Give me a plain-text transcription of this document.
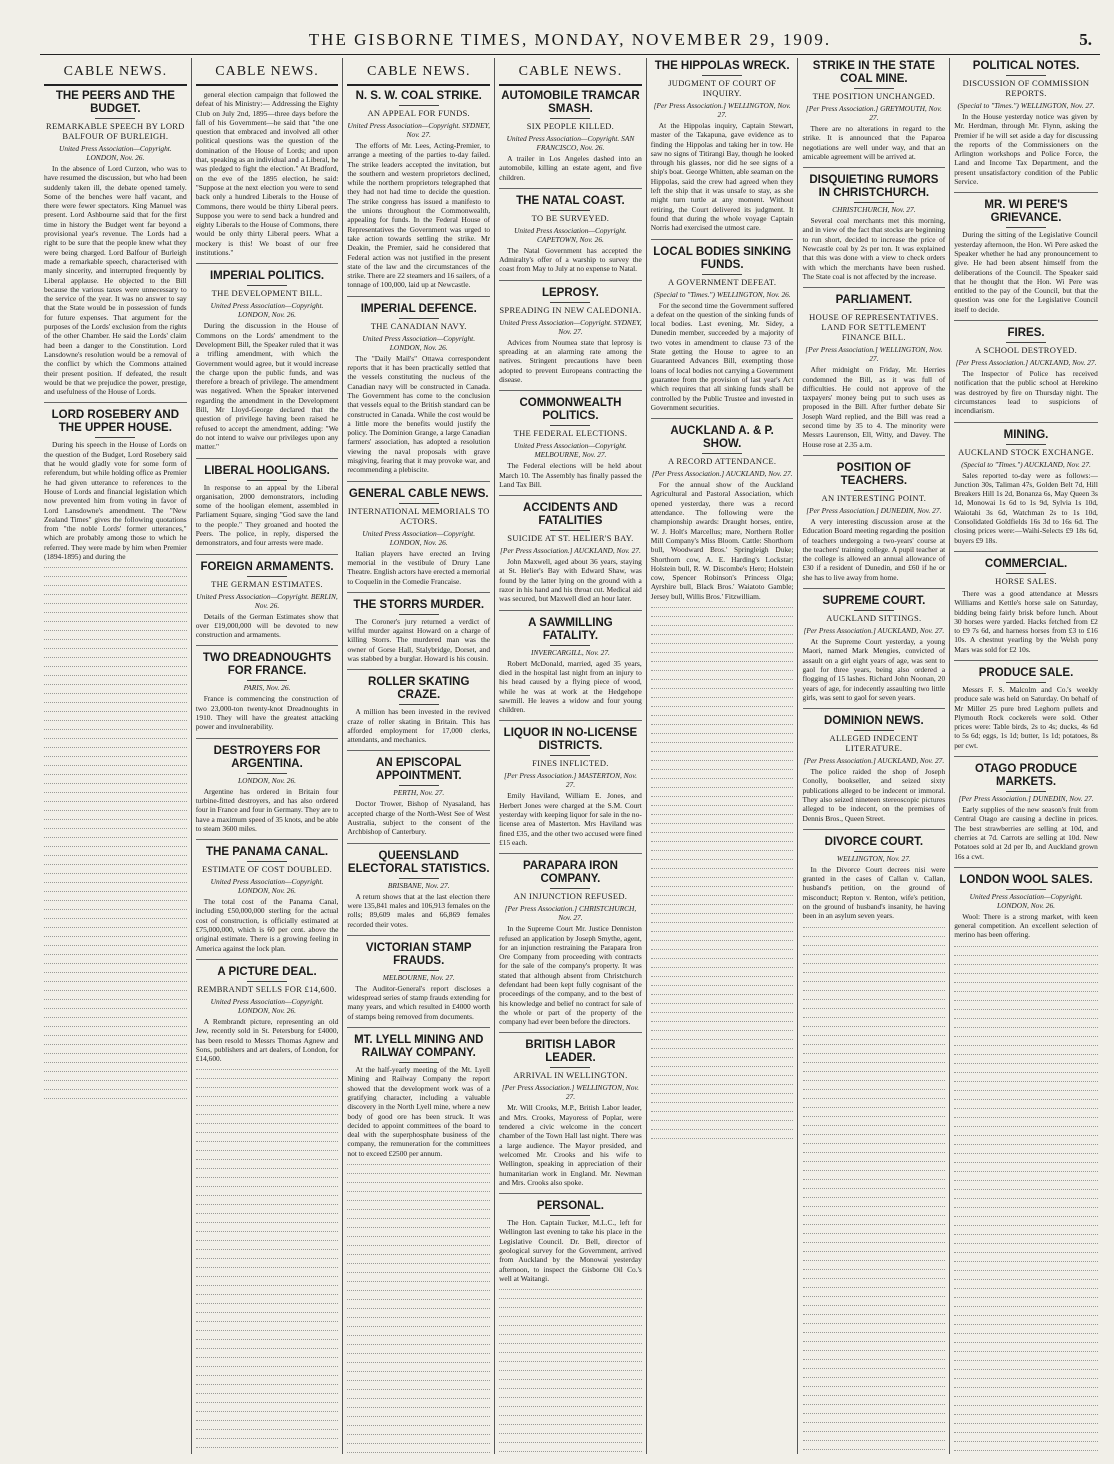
THE GISBORNE TIMES, MONDAY, NOVEMBER 29, 1909.	5.
CABLE NEWS.
THE PEERS AND THE BUDGET.
REMARKABLE SPEECH BY LORD BALFOUR OF BURLEIGH.
United Press Association—Copyright. LONDON, Nov. 26.

In the absence of Lord Curzon, who was to have resumed the discussion, but who had been suddenly taken ill, the debate opened tamely. Some of the benches were half vacant, and there were fewer spectators. King Manuel was present. Lord Ashbourne said that for the first time in history the Budget went far beyond a provisional year's revenue. The Lords had a right to be sure that the people knew what they were being charged. Lord Balfour of Burleigh made a remarkable speech, characterised with manly sincerity, and interrupted frequently by Liberal applause. He objected to the Bill because the various taxes were unnecessary to the service of the year. It was no answer to say that the State would be in possession of funds for future expenses. That argument for the purposes of the Lords' exclusion from the rights of the other Chamber. He said the Lords' claim had been a danger to the Constitution. Lord Lansdowne's resolution would be a removal of the conflict by which the Commons attained their present position. If defeated, the result would be that we prejudice the power, prestige, and usefulness of the House of Lords.

LORD ROSEBERY AND THE UPPER HOUSE.

During his speech in the House of Lords on the question of the Budget, Lord Rosebery said that he would gladly vote for some form of referendum, but while holding office as Premier he had given utterance to references to the House of Lords and financial legislation which now prevented him from voting in favor of Lord Lansdowne's amendment. The "New Zealand Times" gives the following quotations from "the noble Lords' former utterances," which are probably among those to which he referred. They were made by him when Premier (1894-1895) and during the

CABLE NEWS.

general election campaign that followed the defeat of his Ministry:— Addressing the Eighty Club on July 2nd, 1895—three days before the fall of his Government—he said that "the one question that embraced and involved all other political questions was the question of the domination of the House of Lords; and upon that, speaking as an individual and a Liberal, he was pledged to fight the election." At Bradford, on the eve of the 1895 election, he said: "Suppose at the next election you were to send back only a hundred Liberals to the House of Commons, there would be thirty Liberal peers. Suppose you were to send back a hundred and eighty Liberals to the House of Commons, there would be only thirty Liberal peers. What a mockery is this! We boast of our free institutions."

IMPERIAL POLITICS.
THE DEVELOPMENT BILL.
United Press Association—Copyright. LONDON, Nov. 26.

During the discussion in the House of Commons on the Lords' amendment to the Development Bill, the Speaker ruled that it was a trifling amendment, with which the Government would agree, but it would increase the charge upon the public funds, and was therefore a breach of privilege. The amendment was negatived. When the Speaker intervened regarding the amendment in the Development Bill, Mr Lloyd-George declared that the question of privilege having been raised he refused to accept the amendment, adding: "We do not intend to waive our privileges upon any matter."

LIBERAL HOOLIGANS.

In response to an appeal by the Liberal organisation, 2000 demonstrators, including some of the hooligan element, assembled in Parliament Square, singing "God save the land to the people." They groaned and hooted the Peers. The police, in reply, dispersed the demonstrators, and four arrests were made.

FOREIGN ARMAMENTS.
THE GERMAN ESTIMATES.
United Press Association—Copyright. BERLIN, Nov. 26.

Details of the German Estimates show that over £19,000,000 will be devoted to new construction and armaments.

TWO DREADNOUGHTS FOR FRANCE.
PARIS, Nov. 26.

France is commencing the construction of two 23,000-ton twenty-knot Dreadnoughts in 1910. They will have the greatest attacking power and invulnerability.

DESTROYERS FOR ARGENTINA.
LONDON, Nov. 26.

Argentine has ordered in Britain four turbine-fitted destroyers, and has also ordered four in France and four in Germany. They are to have a maximum speed of 35 knots, and be able to steam 3600 miles.

THE PANAMA CANAL.
ESTIMATE OF COST DOUBLED.
United Press Association—Copyright. LONDON, Nov. 26.

The total cost of the Panama Canal, including £50,000,000 sterling for the actual cost of construction, is officially estimated at £75,000,000, which is 60 per cent. above the original estimate. There is a growing feeling in America against the lock plan.

A PICTURE DEAL.
REMBRANDT SELLS FOR £14,600.
United Press Association—Copyright. LONDON, Nov. 26.

A Rembrandt picture, representing an old Jew, recently sold in St. Petersburg for £4000, has been resold to Messrs Thomas Agnew and Sons, publishers and art dealers, of London, for £14,600.

CABLE NEWS.
N. S. W. COAL STRIKE.
AN APPEAL FOR FUNDS.
United Press Association—Copyright. SYDNEY, Nov. 27.

The efforts of Mr. Lees, Acting-Premier, to arrange a meeting of the parties to-day failed. The strike leaders accepted the invitation, but the southern and western proprietors declined, while the northern proprietors telegraphed that they had not had time to decide the question. The strike congress has issued a manifesto to the unions throughout the Commonwealth, appealing for funds. In the Federal House of Representatives the Government was urged to take action towards settling the strike. Mr Deakin, the Premier, said he considered that Federal action was not justified in the present state of the law and the circumstances of the strike. There are 22 steamers and 16 sailers, of a tonnage of 100,000, laid up at Newcastle.

IMPERIAL DEFENCE.
THE CANADIAN NAVY.
United Press Association—Copyright. LONDON, Nov. 26.

The "Daily Mail's" Ottawa correspondent reports that it has been practically settled that the vessels constituting the nucleus of the Canadian navy will be constructed in Canada. The Government has come to the conclusion that vessels equal to the British standard can be constructed in Canada. While the cost would be a little more the benefits would justify the policy. The Dominion Grange, a large Canadian farmers' association, has adopted a resolution viewing the naval proposals with grave misgiving, fearing that it may provoke war, and recommending a plebiscite.

GENERAL CABLE NEWS.
INTERNATIONAL MEMORIALS TO ACTORS.
United Press Association—Copyright. LONDON, Nov. 26.

Italian players have erected an Irving memorial in the vestibule of Drury Lane Theatre. English actors have erected a memorial to Coquelin in the Comedie Francaise.

THE STORRS MURDER.

The Coroner's jury returned a verdict of wilful murder against Howard on a charge of killing Storrs. The murdered man was the owner of Gorse Hall, Stalybridge, Dorset, and was stabbed by a burglar. Howard is his cousin.

ROLLER SKATING CRAZE.

A million has been invested in the revived craze of roller skating in Britain. This has afforded employment for 17,000 clerks, attendants, and mechanics.

AN EPISCOPAL APPOINTMENT.
PERTH, Nov. 27.

Doctor Trower, Bishop of Nyasaland, has accepted charge of the North-West See of West Australia, subject to the consent of the Archbishop of Canterbury.

QUEENSLAND ELECTORAL STATISTICS.
BRISBANE, Nov. 27.

A return shows that at the last election there were 135,841 males and 106,913 females on the rolls; 89,609 males and 66,869 females recorded their votes.

VICTORIAN STAMP FRAUDS.
MELBOURNE, Nov. 27.

The Auditor-General's report discloses a widespread series of stamp frauds extending for many years, and which resulted in £4000 worth of stamps being removed from documents.

MT. LYELL MINING AND RAILWAY COMPANY.

At the half-yearly meeting of the Mt. Lyell Mining and Railway Company the report showed that the development work was of a gratifying character, including a valuable discovery in the North Lyell mine, where a new body of good ore has been struck. It was decided to appoint committees of the board to deal with the superphosphate business of the company, the remuneration for the committees not to exceed £2500 per annum.

CABLE NEWS.
AUTOMOBILE TRAMCAR SMASH.
SIX PEOPLE KILLED.
United Press Association—Copyright. SAN FRANCISCO, Nov. 26.

A trailer in Los Angeles dashed into an automobile, killing an estate agent, and five children.

THE NATAL COAST.
TO BE SURVEYED.
United Press Association—Copyright. CAPETOWN, Nov. 26.

The Natal Government has accepted the Admiralty's offer of a warship to survey the coast from May to July at no expense to Natal.

LEPROSY.
SPREADING IN NEW CALEDONIA.
United Press Association—Copyright. SYDNEY, Nov. 27.

Advices from Noumea state that leprosy is spreading at an alarming rate among the natives. Stringent precautions have been adopted to prevent Europeans contracting the disease.

COMMONWEALTH POLITICS.
THE FEDERAL ELECTIONS.
United Press Association—Copyright. MELBOURNE, Nov. 27.

The Federal elections will be held about March 10. The Assembly has finally passed the Land Tax Bill.

ACCIDENTS AND FATALITIES
SUICIDE AT ST. HELIER'S BAY.
[Per Press Association.] AUCKLAND, Nov. 27.

John Maxwell, aged about 36 years, staying at St. Helier's Bay with Edward Shaw, was found by the latter lying on the ground with a razor in his hand and his throat cut. Medical aid was secured, but Maxwell died an hour later.

A SAWMILLING FATALITY.
INVERCARGILL, Nov. 27.

Robert McDonald, married, aged 35 years, died in the hospital last night from an injury to his head caused by a flying piece of wood, while he was at work at the Hedgehope sawmill. He leaves a widow and four young children.

LIQUOR IN NO-LICENSE DISTRICTS.
FINES INFLICTED.
[Per Press Association.] MASTERTON, Nov. 27.

Emily Haviland, William E. Jones, and Herbert Jones were charged at the S.M. Court yesterday with keeping liquor for sale in the no-license area of Masterton. Mrs Haviland was fined £35, and the other two accused were fined £15 each.

PARAPARA IRON COMPANY.
AN INJUNCTION REFUSED.
[Per Press Association.] CHRISTCHURCH, Nov. 27.

In the Supreme Court Mr. Justice Denniston refused an application by Joseph Smythe, agent, for an injunction restraining the Parapara Iron Ore Company from proceeding with contracts for the sale of the company's property. It was stated that although absent from Christchurch defendant had been kept fully cognisant of the proceedings of the company, and to the best of his knowledge and belief no contract for sale of the whole or part of the property of the company had ever been before the directors.

BRITISH LABOR LEADER.
ARRIVAL IN WELLINGTON.
[Per Press Association.] WELLINGTON, Nov. 27.

Mr. Will Crooks, M.P., British Labor leader, and Mrs. Crooks, Mayoress of Poplar, were tendered a civic welcome in the concert chamber of the Town Hall last night. There was a large audience. The Mayor presided, and welcomed Mr. Crooks and his wife to Wellington, speaking in appreciation of their humanitarian work in England. Mr. Newman and Mrs. Crooks also spoke.

PERSONAL.

The Hon. Captain Tucker, M.L.C., left for Wellington last evening to take his place in the Legislative Council. Dr. Bell, director of geological survey for the Government, arrived from Auckland by the Monowai yesterday afternoon, to inspect the Gisborne Oil Co.'s well at Waitangi.

THE HIPPOLAS WRECK.
JUDGMENT OF COURT OF INQUIRY.
[Per Press Association.] WELLINGTON, Nov. 27.

At the Hippolas inquiry, Captain Stewart, master of the Takapuna, gave evidence as to finding the Hippolas and taking her in tow. He saw no signs of Titirangi Bay, though he looked through his glasses, nor did he see signs of a ship's boat. George Whitten, able seaman on the Hippolas, said the crew had agreed when they left the ship that it was unsafe to stay, as she might turn turtle at any moment. Without retiring, the Court delivered its judgment. It found that during the whole voyage Captain Norris had exercised the utmost care.

LOCAL BODIES SINKING FUNDS.
A GOVERNMENT DEFEAT.
(Special to "Times.") WELLINGTON, Nov. 26.

For the second time the Government suffered a defeat on the question of the sinking funds of local bodies. Last evening, Mr. Sidey, a Dunedin member, succeeded by a majority of two votes in amendment to clause 73 of the State getting the House to agree to an Guaranteed Advances Bill, exempting those loans of local bodies not carrying a Government guarantee from the provision of last year's Act which requires that all sinking funds shall be controlled by the Public Trustee and invested in Government securities.

AUCKLAND A. & P. SHOW.
A RECORD ATTENDANCE.
[Per Press Association.] AUCKLAND, Nov. 27.

For the annual show of the Auckland Agricultural and Pastoral Association, which opened yesterday, there was a record attendance. The following were the championship awards: Draught horses, entire, W. J. Holt's Marcellus; mare, Northern Roller Mill Company's Miss Bloom. Cattle: Shorthorn bull, Woodward Bros.' Springleigh Duke; Shorthorn cow, A. E. Harding's Lockstar; Holstein bull, R. W. Discombe's Hero; Holstein cow, Spencer Robinson's Princess Olga; Ayrshire bull, Black Bros.' Waiatoto Gamble; Jersey bull, Willis Bros.' Fitzwilliam.

STRIKE IN THE STATE COAL MINE.
THE POSITION UNCHANGED.
[Per Press Association.] GREYMOUTH, Nov. 27.

There are no alterations in regard to the strike. It is announced that the Paparoa negotiations are well under way, and that an amicable agreement will be arrived at.

DISQUIETING RUMORS IN CHRISTCHURCH.
CHRISTCHURCH, Nov. 27.

Several coal merchants met this morning, and in view of the fact that stocks are beginning to run short, decided to increase the price of Newcastle coal by 2s per ton. It was explained that this was done with a view to check orders with which the merchants have been rushed. The State coal is not affected by the increase.

PARLIAMENT.
HOUSE OF REPRESENTATIVES. LAND FOR SETTLEMENT FINANCE BILL.
[Per Press Association.] WELLINGTON, Nov. 27.

After midnight on Friday, Mr. Herries condemned the Bill, as it was full of difficulties. He could not approve of the taxpayers' money being put to such uses as proposed in the Bill. After further debate Sir Joseph Ward replied, and the Bill was read a second time by 35 to 4. The minority were Messrs Laurenson, Ell, Witty, and Davey. The House rose at 2.35 a.m.

POSITION OF TEACHERS.
AN INTERESTING POINT.
[Per Press Association.] DUNEDIN, Nov. 27.

A very interesting discussion arose at the Education Board meeting regarding the position of teachers undergoing a two-years' course at the teachers' training college. A pupil teacher at the college is allowed an annual allowance of £30 if a resident of Dunedin, and £60 if he or she has to live away from home.

SUPREME COURT.
AUCKLAND SITTINGS.
[Per Press Association.] AUCKLAND, Nov. 27.

At the Supreme Court yesterday, a young Maori, named Mark Mengies, convicted of assault on a girl eight years of age, was sent to gaol for three years, being also ordered a flogging of 15 lashes. Richard John Noonan, 20 years of age, for indecently assaulting two little girls, was sent to gaol for seven years.

DOMINION NEWS.
ALLEGED INDECENT LITERATURE.
[Per Press Association.] AUCKLAND, Nov. 27.

The police raided the shop of Joseph Conolly, bookseller, and seized sixty publications alleged to be indecent or immoral. They also seized nineteen stereoscopic pictures alleged to be indecent, on the premises of Dennis Bros., Queen Street.

DIVORCE COURT.
WELLINGTON, Nov. 27.

In the Divorce Court decrees nisi were granted in the cases of Callan v. Callan, husband's petition, on the ground of misconduct; Repton v. Renton, wife's petition, on the ground of husband's insanity, he having been in an asylum seven years.

POLITICAL NOTES.
DISCUSSION OF COMMISSION REPORTS.
(Special to "Times.") WELLINGTON, Nov. 27.

In the House yesterday notice was given by Mr. Herdman, through Mr. Flynn, asking the Premier if he will set aside a day for discussing the reports of the Commissioners on the Arlington workshops and Police Force, the Land and Income Tax Department, and the present unsatisfactory condition of the Public Service.

MR. WI PERE'S GRIEVANCE.

During the sitting of the Legislative Council yesterday afternoon, the Hon. Wi Pere asked the Speaker whether he had any pronouncement to give. He had been absent himself from the deliberations of the Council. The Speaker said that he thought that the Hon. Wi Pere was entitled to the pay of the Council, but that the question was one for the Legislative Council itself to decide.

FIRES.
A SCHOOL DESTROYED.
[Per Press Association.] AUCKLAND, Nov. 27.

The Inspector of Police has received notification that the public school at Herekino was destroyed by fire on Thursday night. The circumstances lead to suspicions of incendiarism.

MINING.
AUCKLAND STOCK EXCHANGE.
(Special to "Times.") AUCKLAND, Nov. 27.

Sales reported to-day were as follows:—Junction 30s, Taliman 47s, Golden Belt 7d, Hill Breakers Hill 1s 2d, Bonanza 6s, May Queen 3s 1d, Monowai 1s 6d to 1s 9d, Sylvia 1s 10d, Waiotahi 3s 6d, Watchman 2s to 1s 10d, Consolidated Goldfields 16s 3d to 16s 6d. The closing prices were:—Waihi-Selects £9 18s 6d, buyers £9 18s.

COMMERCIAL.
HORSE SALES.

There was a good attendance at Messrs Williams and Kettle's horse sale on Saturday, bidding being fairly brisk before lunch. About 30 horses were yarded. Hacks fetched from £2 to £9 7s 6d, and harness horses from £3 to £16 10s. A chestnut yearling by the Welsh pony Mars was sold for £2 10s.

PRODUCE SALE.

Messrs F. S. Malcolm and Co.'s weekly produce sale was held on Saturday. On behalf of Mr Miller 25 pure bred Leghorn pullets and Plymouth Rock cockerels were sold. Other prices were: Table birds, 2s to 4s; ducks, 4s 6d to 5s 6d; eggs, 1s 1d; butter, 1s 1d; potatoes, 8s per cwt.

OTAGO PRODUCE MARKETS.
[Per Press Association.] DUNEDIN, Nov. 27.

Early supplies of the new season's fruit from Central Otago are causing a decline in prices. The best strawberries are selling at 10d, and cherries at 7d. Carrots are selling at 10d. New Potatoes sold at 2d per lb, and Auckland grown 16s a cwt.

LONDON WOOL SALES.
United Press Association—Copyright. LONDON, Nov. 26.

Wool: There is a strong market, with keen general competition. An excellent selection of merino has been offering.
